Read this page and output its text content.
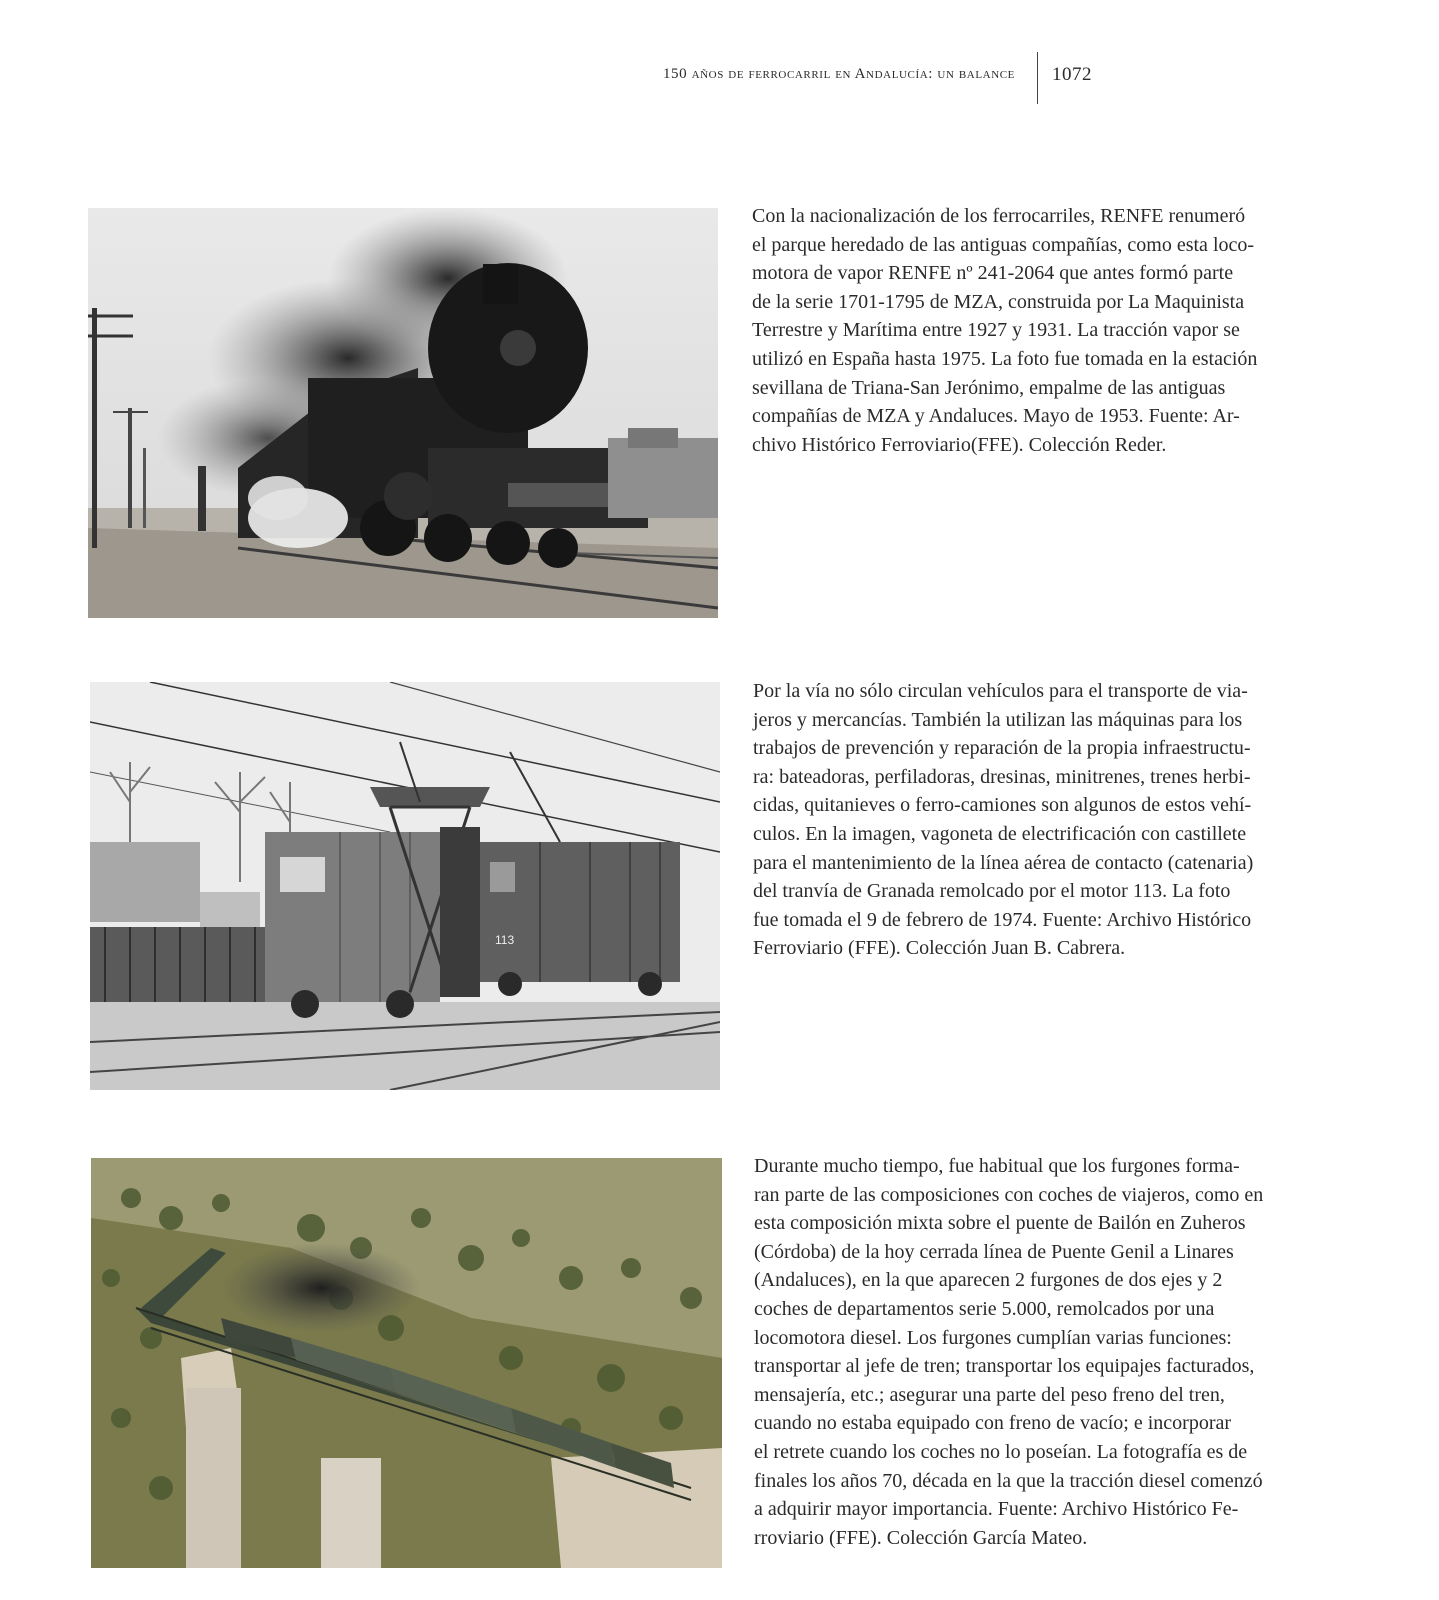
150 años de ferrocarril en Andalucía: un balance 1072
Con la nacionalización de los ferrocarriles, RENFE renumeró
el parque heredado de las antiguas compañías, como esta loco-
motora de vapor RENFE nº 241-2064 que antes formó parte
de la serie 1701-1795 de MZA, construida por La Maquinista
Terrestre y Marítima entre 1927 y 1931. La tracción vapor se
utilizó en España hasta 1975. La foto fue tomada en la estación
sevillana de Triana-San Jerónimo, empalme de las antiguas
compañías de MZA y Andaluces. Mayo de 1953. Fuente: Ar-
chivo Histórico Ferroviario(FFE). Colección Reder.
113
Por la vía no sólo circulan vehículos para el transporte de via-
jeros y mercancías. También la utilizan las máquinas para los
trabajos de prevención y reparación de la propia infraestructu-
ra: bateadoras, perfiladoras, dresinas, minitrenes, trenes herbi-
cidas, quitanieves o ferro-camiones son algunos de estos vehí-
culos. En la imagen, vagoneta de electrificación con castillete
para el mantenimiento de la línea aérea de contacto (catenaria)
del tranvía de Granada remolcado por el motor 113. La foto
fue tomada el 9 de febrero de 1974. Fuente: Archivo Histórico
Ferroviario (FFE). Colección Juan B. Cabrera.
Durante mucho tiempo, fue habitual que los furgones forma-
ran parte de las composiciones con coches de viajeros, como en
esta composición mixta sobre el puente de Bailón en Zuheros
(Córdoba) de la hoy cerrada línea de Puente Genil a Linares
(Andaluces), en la que aparecen 2 furgones de dos ejes y 2
coches de departamentos serie 5.000, remolcados por una
locomotora diesel. Los furgones cumplían varias funciones:
transportar al jefe de tren; transportar los equipajes facturados,
mensajería, etc.; asegurar una parte del peso freno del tren,
cuando no estaba equipado con freno de vacío; e incorporar
el retrete cuando los coches no lo poseían. La fotografía es de
finales los años 70, década en la que la tracción diesel comenzó
a adquirir mayor importancia. Fuente: Archivo Histórico Fe-
rroviario (FFE). Colección García Mateo.
